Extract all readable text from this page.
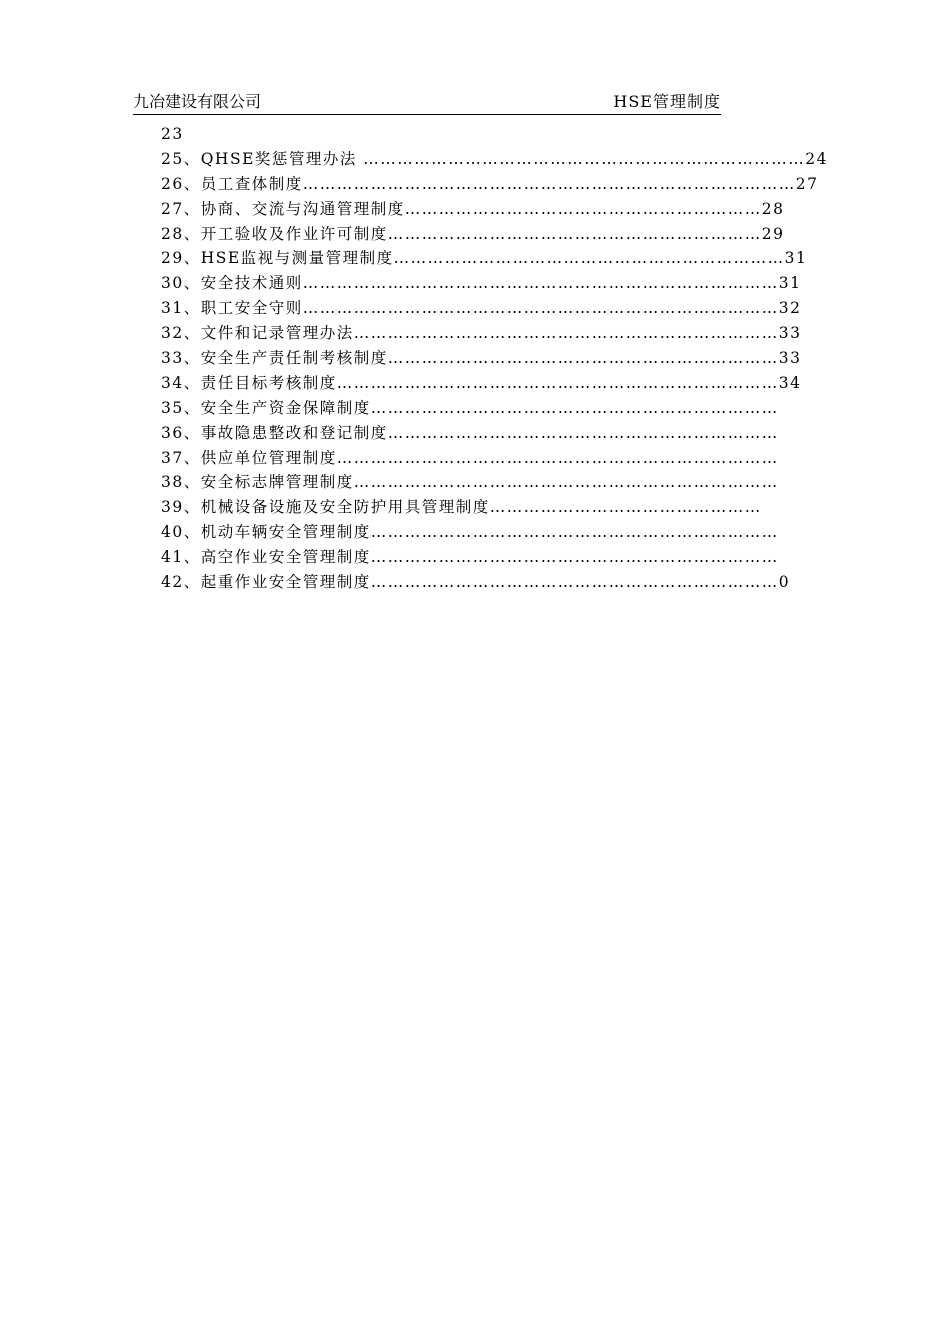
九冶建设有限公司	HSE管理制度
23
25、QHSE奖惩管理办法 ……………………………………………………………………24
26、员工查体制度……………………………………………………………………………27
27、协商、交流与沟通管理制度………………………………………………………28
28、开工验收及作业许可制度…………………………………………………………29
29、HSE监视与测量管理制度……………………………………………………………31
30、安全技术通则…………………………………………………………………………31
31、职工安全守则…………………………………………………………………………32
32、文件和记录管理办法…………………………………………………………………33
33、安全生产责任制考核制度……………………………………………………………33
34、责任目标考核制度……………………………………………………………………34
35、安全生产资金保障制度………………………………………………………………
36、事故隐患整改和登记制度……………………………………………………………
37、供应单位管理制度……………………………………………………………………
38、安全标志牌管理制度…………………………………………………………………
39、机械设备设施及安全防护用具管理制度…………………………………………
40、机动车辆安全管理制度………………………………………………………………
41、高空作业安全管理制度………………………………………………………………
42、起重作业安全管理制度………………………………………………………………0
